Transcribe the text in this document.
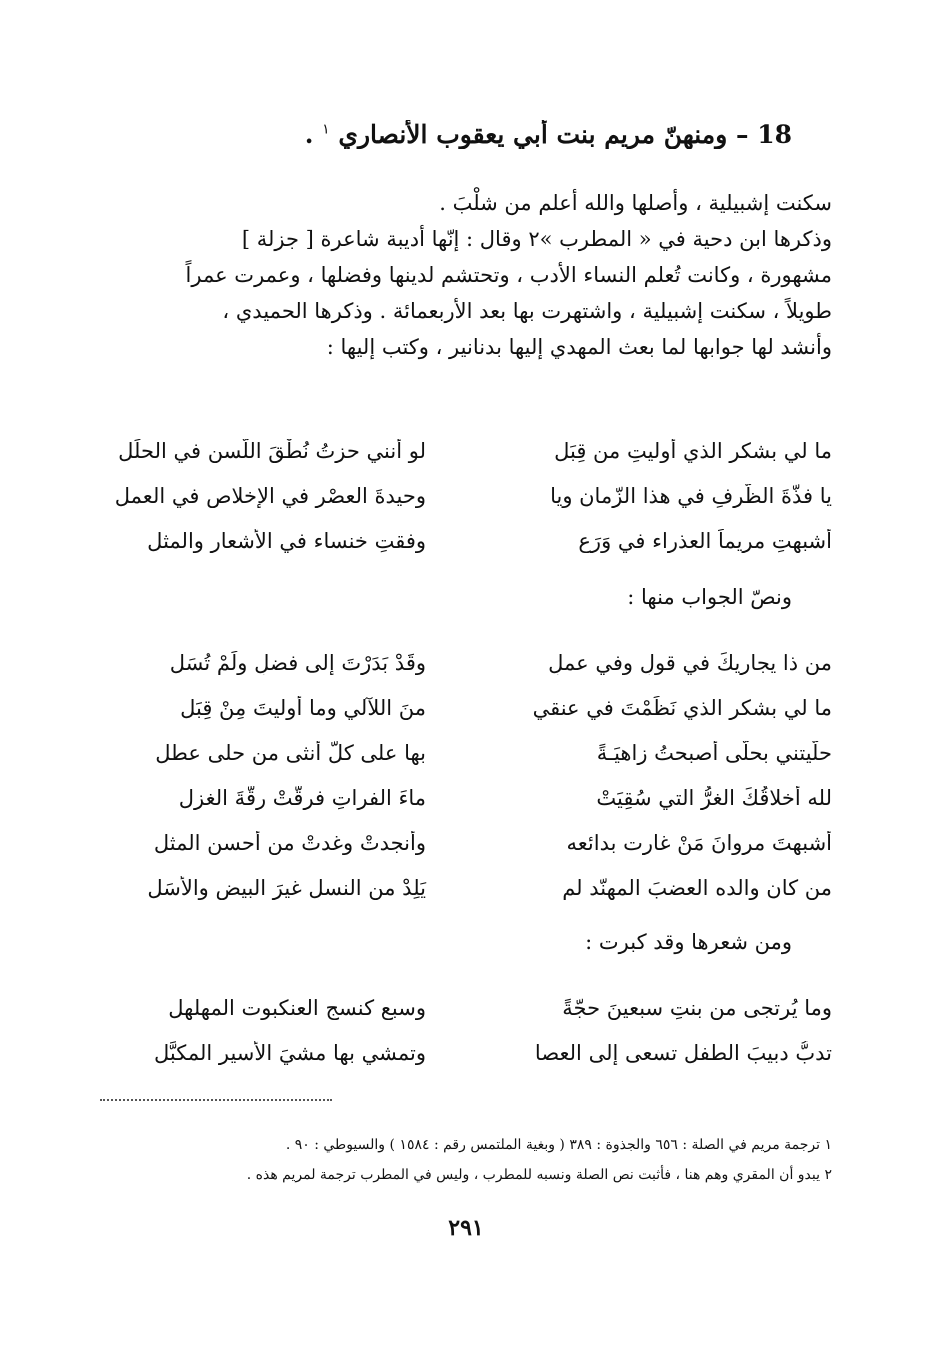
18 – ومنهنّ مريم بنت أبي يعقوب الأنصاري $^١$ .
سكنت إشبيلية ، وأصلها والله أعلم من شلْبَ .
وذكرها ابن دحية في « المطرب »٢ وقال : إنّها أديبة شاعرة [ جزلة ]
مشهورة ، وكانت تُعلم النساء الأدب ، وتحتشم لدينها وفضلها ، وعمرت عمراً
طويلاً ، سكنت إشبيلية ، واشتهرت بها بعد الأربعمائة . وذكرها الحميدي ،
وأنشد لها جوابها لما بعث المهدي إليها بدنانير ، وكتب إليها :
ما لي بشكرِ الذي أوليتِ من قِبَلِ
لو أنني حزتُ نُطْقَ اللُّسنِ في الحلَلِ
يا فذّةَ الظّرفِ في هذا الزّمانِ ويا
وحيدةَ العصْرِ في الإخلاصِ في العملِ
أشبهتِ مريماً العذراء في وَرَعٍ
وفقتِ خنساء في الأشعارِ والمثلِ
ونصّ الجواب منها :
من ذا يجاريكَ في قولٍ وفي عملٍ
وقَدْ بَدَرْتَ إلى فضلٍ ولَمْ تُسَلِ
ما لي بشكرِ الذي نَظَمْتَ في عنقي
منَ اللآلي وما أوليتَ مِنْ قِبَلِ
حلّيتني بحلّى أصبحتُ زاهيَـةً
بها على كلّ أنثى من حلى عطلِ
لله أخلاقُكَ الغرُّ التي سُقِيَتْ
ماءَ الفراتِ فرقّتْ رقّةَ الغزلِ
أشبهتَ مروانَ مَنْ غارت بدائعه
وأنجدتْ وغدتْ من أحسنِ المثلِ
من كان والده العضبَ المهنّد لم
يَلِدْ من النسلِ غيرَ البيضِ والأسَلِ
ومن شعرها وقد كبرت :
وما يُرتجى من بنتِ سبعينَ حجّةً
وسبعٍ كنسجِ العنكبوت المهلهلِ
تدبُّ دبيبَ الطفلِ تسعى إلى العصا
وتمشي بها مشيَ الأسيرِ المكبَّلِ
١ ترجمة مريم في الصلة : ٦٥٦ والجذوة : ٣٨٩ ( وبغية الملتمس رقم : ١٥٨٤ ) والسيوطي : ٩٠ .
٢ يبدو أن المقري وهم هنا ، فأثبت نص الصلة ونسبه للمطرب ، وليس في المطرب ترجمة لمريم هذه .
٢٩١
